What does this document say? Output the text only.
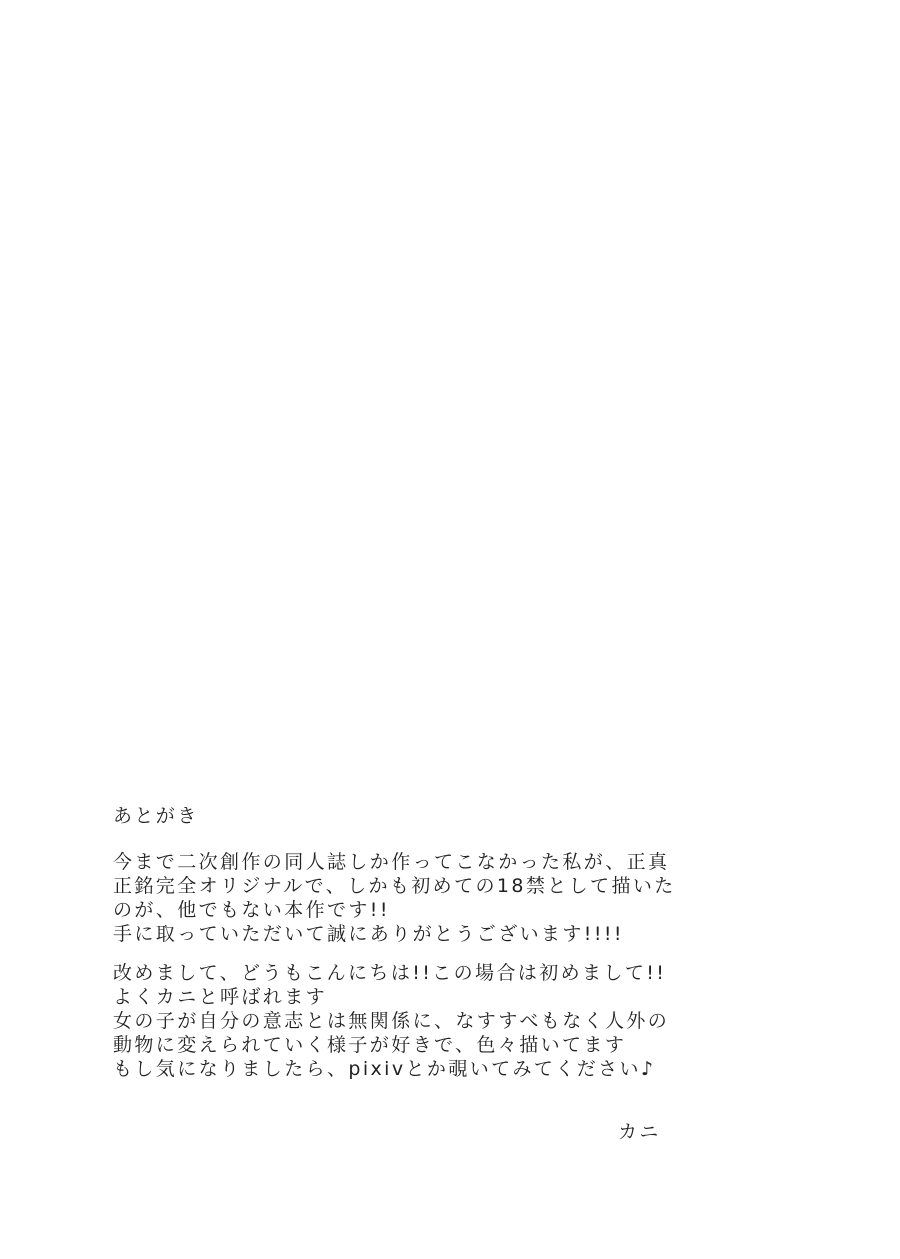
あとがき
今まで二次創作の同人誌しか作ってこなかった私が、正真
正銘完全オリジナルで、しかも初めての18禁として描いた
のが、他でもない本作です!!
手に取っていただいて誠にありがとうございます!!!!
改めまして、どうもこんにちは!!この場合は初めまして!!
よくカニと呼ばれます
女の子が自分の意志とは無関係に、なすすべもなく人外の
動物に変えられていく様子が好きで、色々描いてます
もし気になりましたら、pixivとか覗いてみてください♪
カニ
